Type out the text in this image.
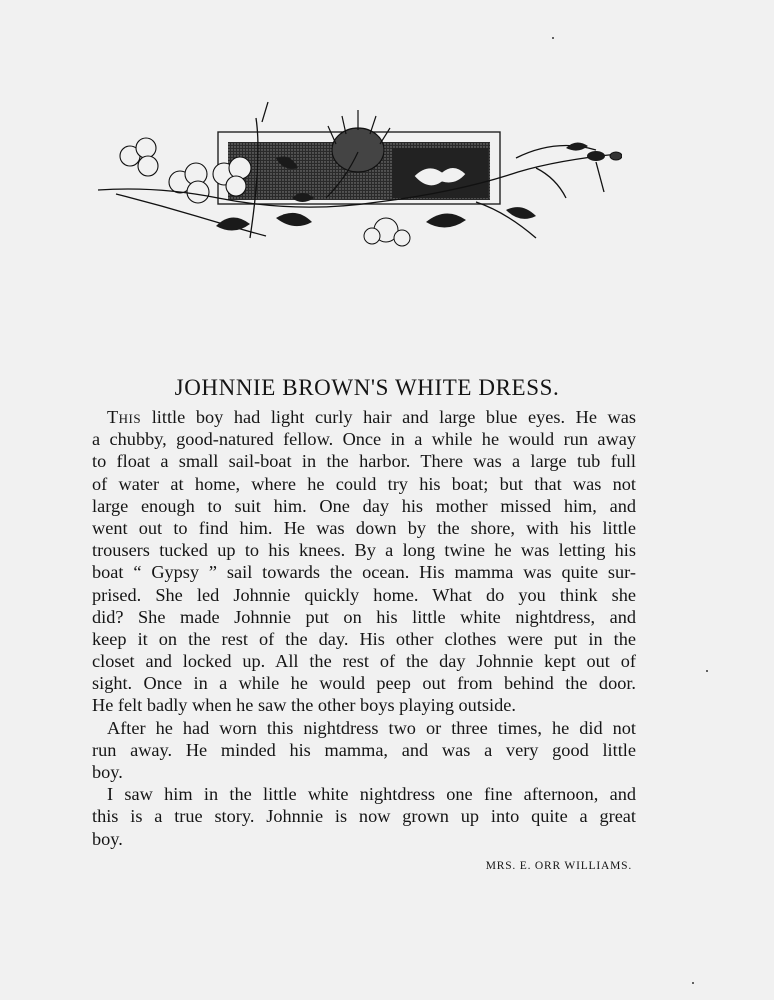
JOHNNIE BROWN'S WHITE DRESS.
This little boy had light curly hair and large blue eyes. He was
a chubby, good-natured fellow. Once in a while he would run away
to float a small sail-boat in the harbor. There was a large tub full
of water at home, where he could try his boat; but that was not
large enough to suit him. One day his mother missed him, and
went out to find him. He was down by the shore, with his little
trousers tucked up to his knees. By a long twine he was letting his
boat “ Gypsy ” sail towards the ocean. His mamma was quite sur-
prised. She led Johnnie quickly home. What do you think she
did? She made Johnnie put on his little white nightdress, and
keep it on the rest of the day. His other clothes were put in the
closet and locked up. All the rest of the day Johnnie kept out of
sight. Once in a while he would peep out from behind the door.
He felt badly when he saw the other boys playing outside.
After he had worn this nightdress two or three times, he did not
run away. He minded his mamma, and was a very good little
boy.
I saw him in the little white nightdress one fine afternoon, and
this is a true story. Johnnie is now grown up into quite a great
boy.
MRS. E. ORR WILLIAMS.
